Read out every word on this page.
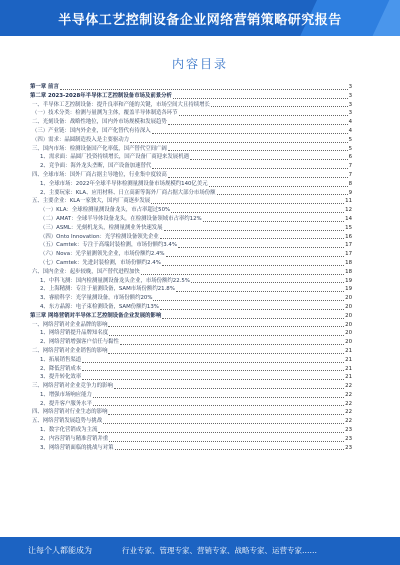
半导体工艺控制设备企业网络营销策略研究报告
内容目录
第一章 前言	3
第二章 2023-2028年半导体工艺控制设备市场及前景分析	3
一、半导体工艺控制设备：提升良率和产能的关键，市场空间大且持续增长	3
（一）技术分类：检测与量测为主体，覆盖半导体制造各环节	3
二、光刻设备：战略性地位，国内外市场规模和发展趋势	4
（三）产业链：国内外企业，国产化替代有待深入	4
（四）需求：晶圆制造投入是主要驱动力	5
三、国内市场：检测设备国产化率低，国产替代空间广阔	5
1、需求面：晶圆厂投资持续增长，国产设备厂商迎来发展机遇	6
2、竞争面：海外龙头垄断，国产设备加速替代	7
四、全球市场：国外厂商占据主导地位，行业集中度较高	7
1、全球市场：2022年全球半导体检测量测设备市场规模约140亿美元	8
2、主要玩家：KLA、应用材料、日立高新等海外厂商占据大部分市场份额	9
五、主要企业：KLA一家独大，国内厂商逐步发展	11
（一）KLA：全球检测量测设备龙头，市占率超过50%	12
（二）AMAT：全球半导体设备龙头，在检测设备领域市占率约12%	14
（三）ASML：光刻机龙头，检测量测业务快速发展	15
（四）Onto Innovation：光学检测设备领先企业	16
（五）Camtek：专注于高端封装检测，市场份额约3.4%	17
（六）Nova：光学量测领先企业，市场份额约2.4%	17
（七）Camtek：先进封装检测，市场份额约2.4%	18
六、国内企业：起步较晚，国产替代进程加快	18
1、中科飞测：国内检测量测设备龙头企业，市场份额约22.5%	19
2、上海精测：专注于量测设备，SAM市场份额约21.8%	19
3、睿励科学：光学量测设备，市场份额约20%	20
4、东方晶源：电子束检测设备，SAM份额约13%	20
第三章 网络营销对半导体工艺控制设备企业发展的影响	20
一、网络营销对企业品牌的影响	20
1、网络营销提升品牌知名度	20
2、网络营销增强客户信任与黏性	20
二、网络营销对企业销售的影响	21
1、拓展销售渠道	21
2、降低营销成本	21
3、提升转化效率	21
三、网络营销对企业竞争力的影响	22
1、增强市场响应能力	22
2、提升客户服务水平	22
四、网络营销对行业生态的影响	22
五、网络营销发展趋势与挑战	22
1、数字化营销成为主流	23
2、内容营销与精准营销并重	23
3、网络营销面临的挑战与对策	23
让每个人都能成为	行业专家、管理专家、营销专家、战略专家、运营专家……
